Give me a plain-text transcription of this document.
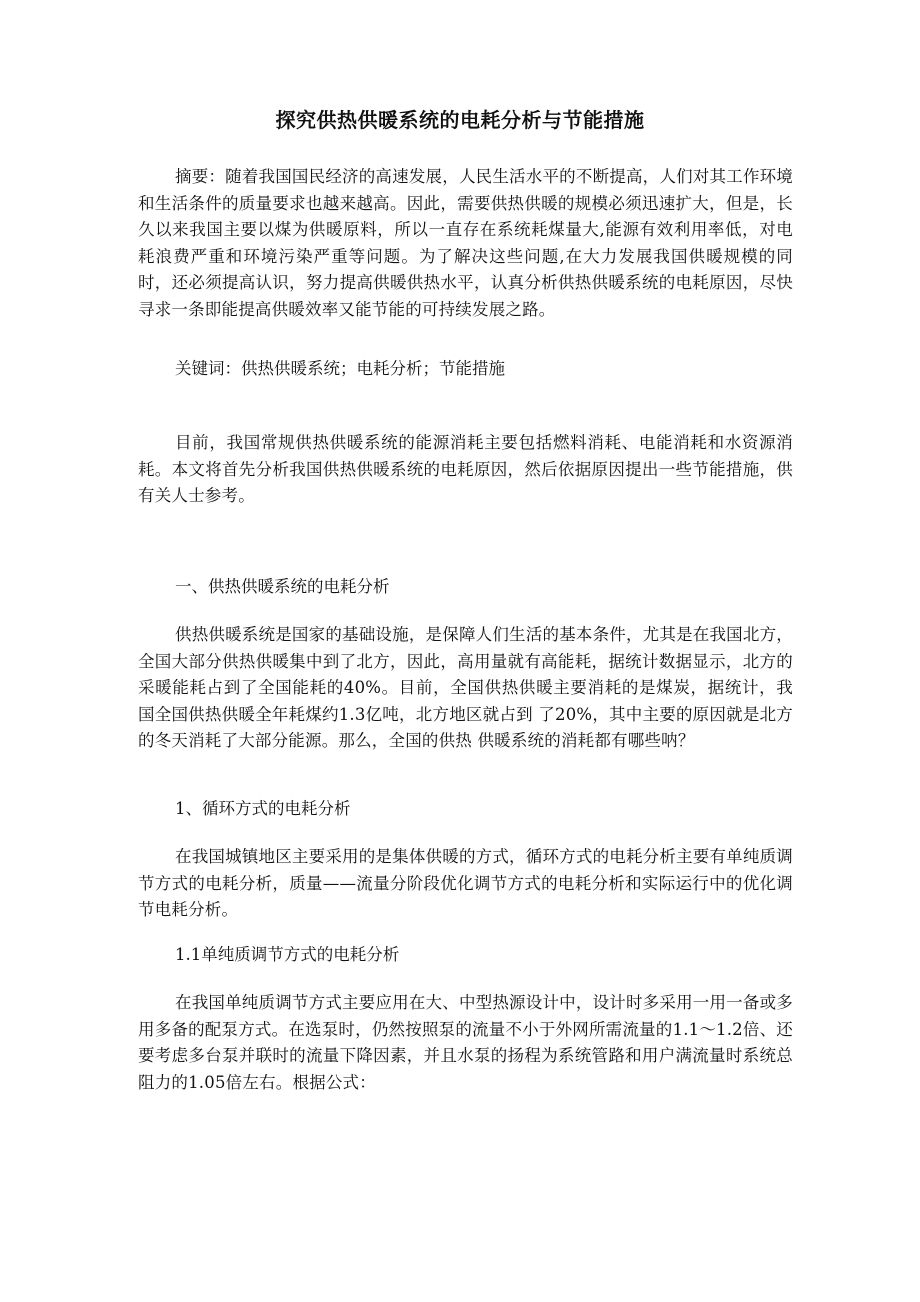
探究供热供暖系统的电耗分析与节能措施

摘要：随着我国国民经济的高速发展，人民生活水平的不断提高，人们对其工作环境和生活条件的质量要求也越来越高。因此，需要供热供暖的规模必须迅速扩大，但是，长久以来我国主要以煤为供暖原料，所以一直存在系统耗煤量大,能源有效利用率低，对电耗浪费严重和环境污染严重等问题。为了解决这些问题,在大力发展我国供暖规模的同时，还必须提高认识，努力提高供暖供热水平，认真分析供热供暖系统的电耗原因，尽快寻求一条即能提高供暖效率又能节能的可持续发展之路。

关键词：供热供暖系统；电耗分析；节能措施

目前，我国常规供热供暖系统的能源消耗主要包括燃料消耗、电能消耗和水资源消耗。本文将首先分析我国供热供暖系统的电耗原因，然后依据原因提出一些节能措施，供有关人士参考。

一、供热供暖系统的电耗分析

供热供暖系统是国家的基础设施，是保障人们生活的基本条件，尤其是在我国北方，全国大部分供热供暖集中到了北方，因此，高用量就有高能耗，据统计数据显示，北方的采暖能耗占到了全国能耗的40%。目前，全国供热供暖主要消耗的是煤炭，据统计，我国全国供热供暖全年耗煤约1.3亿吨，北方地区就占到 了20%，其中主要的原因就是北方的冬天消耗了大部分能源。那么，全国的供热 供暖系统的消耗都有哪些呐？

1、循环方式的电耗分析

在我国城镇地区主要采用的是集体供暖的方式，循环方式的电耗分析主要有单纯质调节方式的电耗分析，质量——流量分阶段优化调节方式的电耗分析和实际运行中的优化调节电耗分析。

1.1单纯质调节方式的电耗分析

在我国单纯质调节方式主要应用在大、中型热源设计中，设计时多采用一用一备或多用多备的配泵方式。在选泵时，仍然按照泵的流量不小于外网所需流量的1.1〜1.2倍、还要考虑多台泵并联时的流量下降因素，并且水泵的扬程为系统管路和用户满流量时系统总阻力的1.05倍左右。根据公式：
